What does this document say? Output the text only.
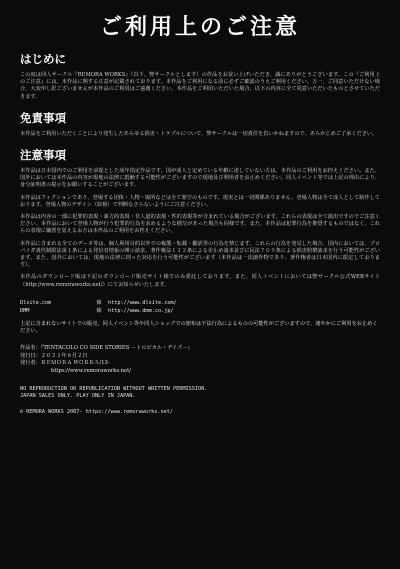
ご利用上のご注意
はじめに

この度は同人サークル『REMORA WORKS』（以下、弊サークルとします）の作品をお買い上げいただき、誠にありがとうございます。この『ご利用上のご注意』には、本作品に関する注意が記載されております。本作品をご利用になる前に必ずご確認のうえご利用ください。万一、ご同意いただけない場合、大変申し訳ございませんが本作品のご利用はご遠慮ください。本作品をご利用いただいた場合、以下の内容に全て同意いただいたものとさせていただきます。

免責事項

本作品をご利用いただくことにより発生したあらゆる損害・トラブルについて、弊サークルは一切責任を負いかねますので、あらかじめご了承ください。

注意事項

本作品は日本国内でのご利用を前提とした成年指定作品です。国が成人と定めている年齢に達していない方は、本作品のご利用をお控えください。また、国外においては本作品の内容が現地の法律に抵触する可能性がございますので現地及び利用者をお止めください。同人イベント等では上記の理由により、身分証明書の提示をお願いすることがございます。

本作品はフィクションであり、登場する団体・人物・場所などは全て架空のものです。現実とは一切関係ありません。登場人物は全て成人として制作しております。登場人物のデザイン（絵柄）で判断なさらないようにご注意ください。

本作品は内容の一部に犯罪的表現・暴力的表現・非人道的表現・性的表現等が含まれている場合がございます。これらの表現は全て演出ですのでご注意ください。本作品において登場人物が行う犯罪的行為を求めるような描写があった場合も同様です。また、本作品は犯罪行為を推奨するものではなく、これらの表現に嫌悪を覚えるお方は本作品のご利用をお控えください。

本作品に含まれる全てのデータ等は、個人利用目的以外での複製・転載・翻訳等の行為を禁じます。これらの行為を発見した場合、国内においては、プロバイダ責任制限法第１条による発信者情報の開示請求、著作権法１１２条による差止め請求並びに民法７０９条による損害賠償請求を行う可能性がございます。また、国外においては、現地の法律に則った対応を行う可能性がございます（本作品は一次創作物であり、著作権者は日本国内に限定しております）。

本作品のダウンロード販は下記のダウンロード販売サイト様でのみ委託しております。また、同人イベントにおいては弊サークル公式WEBサイト（http://www.remoraworks.net/）にてお知らせいたします。

Dlsite.com	様	http://www.dlsite.com/
DMM	様	http://www.dmm.co.jp/

上記に含まれないサイトでの販売、同人イベント等や同人ショップでの頒布は不法行為によるものの可能性がございますので、速やかにご利用をお止めください。

作品名：『TENTACOLO CO SIDE STORIES －トロピカル・デイズ－』
発行日：２０２１年８月２日
発行者：ＲＥＭＯＲＡ ＷＯＲＫＳ/13-
https://www.remoraworks.net/
NO REPRODUCTION OR REPUBLICATION WITHOUT WRITTEN PERMISSION.
JAPAN SALES ONLY. PLAY ONLY IN JAPAN.
© REMORA WORKS 2007- https://www.remoraworks.net/
